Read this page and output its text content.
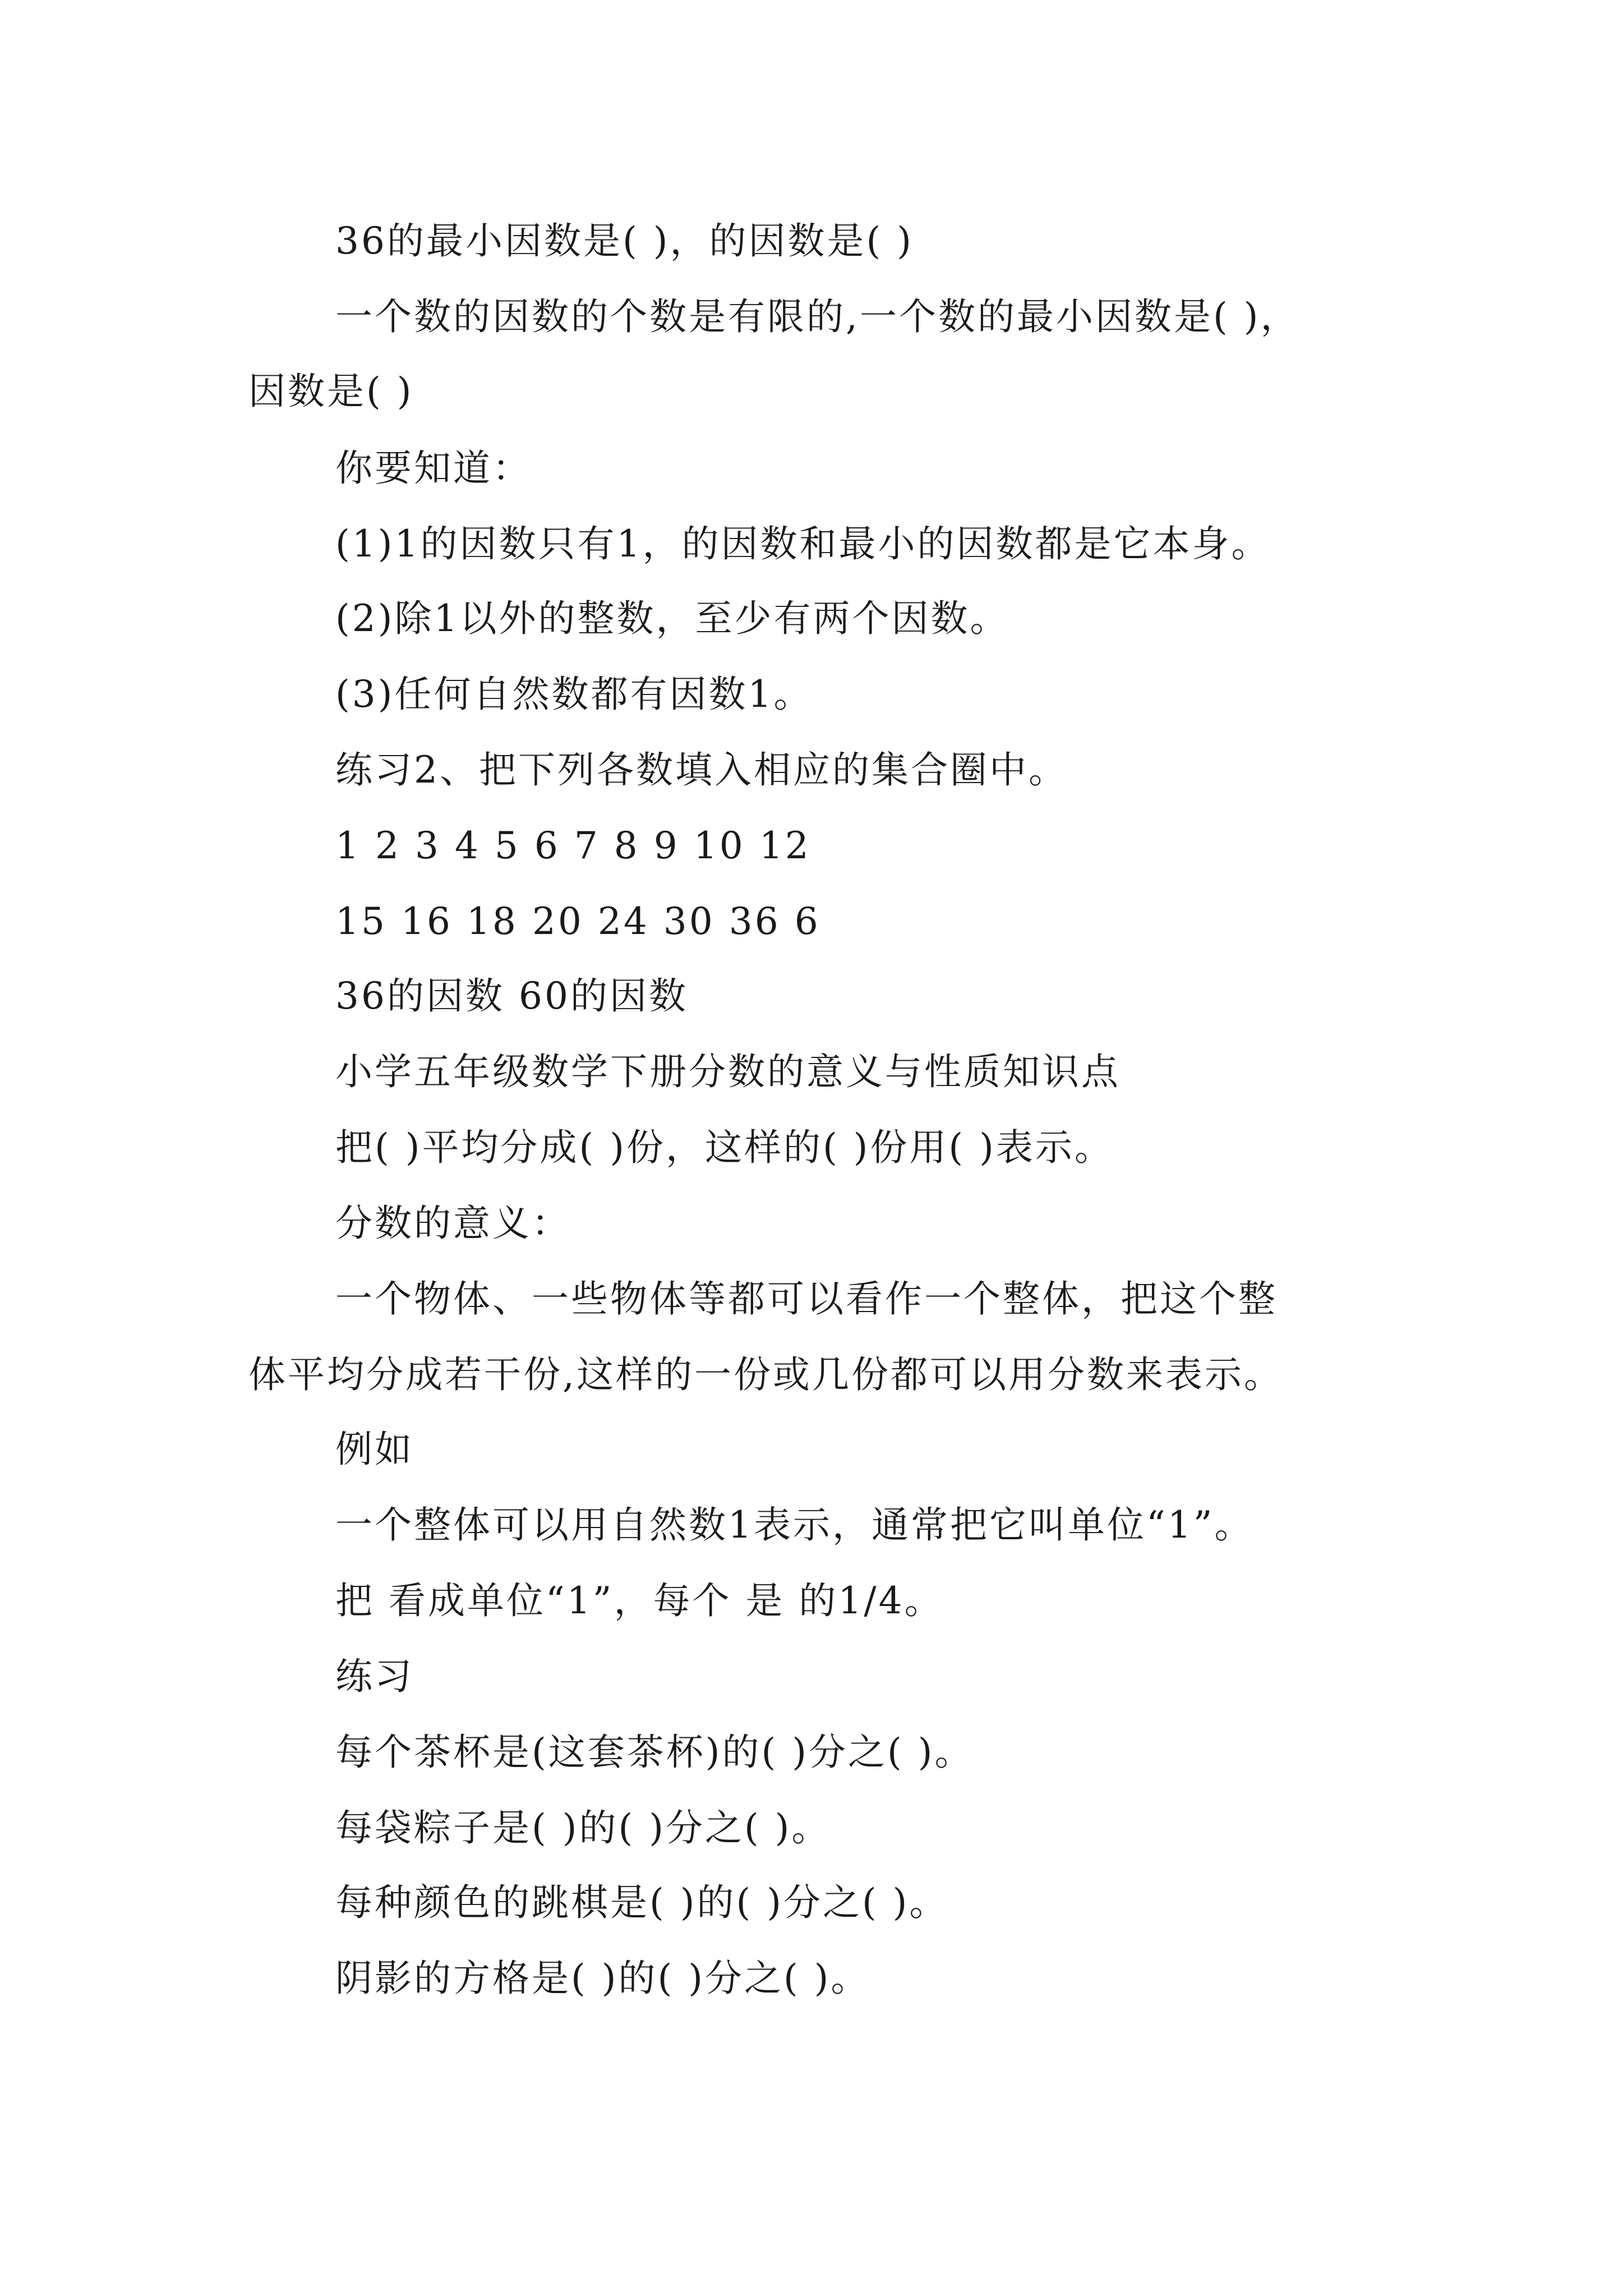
36的最小因数是( )，的因数是( )
一个数的因数的个数是有限的,一个数的最小因数是( )，
因数是( )
你要知道：
(1)1的因数只有1，的因数和最小的因数都是它本身。
(2)除1以外的整数，至少有两个因数。
(3)任何自然数都有因数1。
练习2、把下列各数填入相应的集合圈中。
1 2 3 4 5 6 7 8 9 10 12
15 16 18 20 24 30 36 6
36的因数 60的因数
小学五年级数学下册分数的意义与性质知识点
把( )平均分成( )份，这样的( )份用( )表示。
分数的意义：
一个物体、一些物体等都可以看作一个整体，把这个整
体平均分成若干份,这样的一份或几份都可以用分数来表示。
例如
一个整体可以用自然数1表示，通常把它叫单位“1”。
把 看成单位“1”，每个 是 的1/4。
练习
每个茶杯是(这套茶杯)的( )分之( )。
每袋粽子是( )的( )分之( )。
每种颜色的跳棋是( )的( )分之( )。
阴影的方格是( )的( )分之( )。
